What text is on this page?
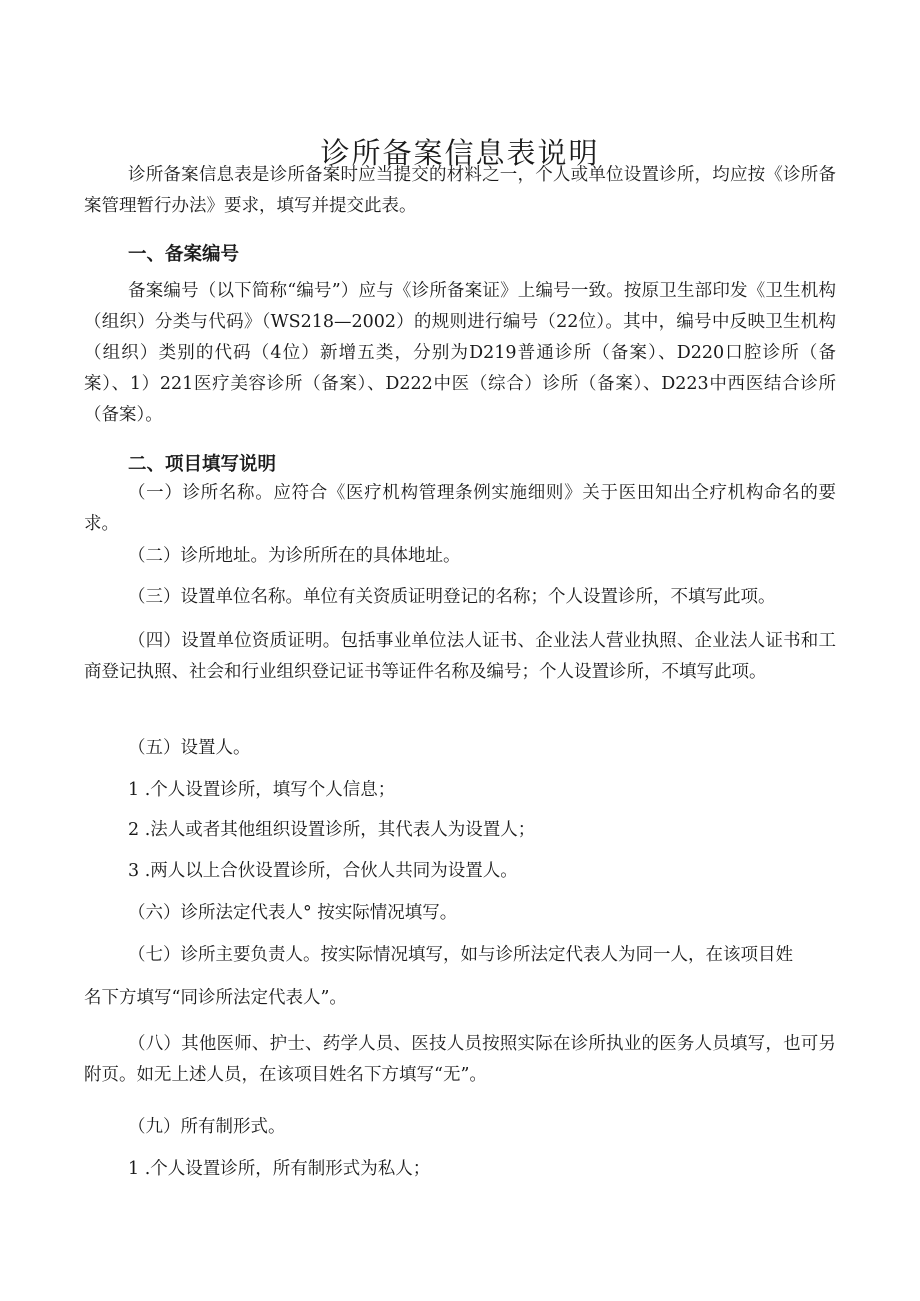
诊所备案信息表说明

诊所备案信息表是诊所备案时应当提交的材料之一，个人或单位设置诊所，均应按《诊所备案管理暂行办法》要求，填写并提交此表。

一、备案编号

备案编号（以下简称“编号”）应与《诊所备案证》上编号一致。按原卫生部印发《卫生机构（组织）分类与代码》（WS218—2002）的规则进行编号（22位）。其中，编号中反映卫生机构（组织）类别的代码（4位）新增五类，分别为D219普通诊所（备案）、D220口腔诊所（备案）、1）221医疗美容诊所（备案）、D222中医（综合）诊所（备案）、D223中西医结合诊所（备案）。

二、项目填写说明

（一）诊所名称。应符合《医疗机构管理条例实施细则》关于医田知出仝疗机构命名的要求。

（二）诊所地址。为诊所所在的具体地址。

（三）设置单位名称。单位有关资质证明登记的名称；个人设置诊所，不填写此项。

（四）设置单位资质证明。包括事业单位法人证书、企业法人营业执照、企业法人证书和工商登记执照、社会和行业组织登记证书等证件名称及编号；个人设置诊所，不填写此项。

（五）设置人。

1 .个人设置诊所，填写个人信息；

2 .法人或者其他组织设置诊所，其代表人为设置人；

3 .两人以上合伙设置诊所，合伙人共同为设置人。

（六）诊所法定代表人° 按实际情况填写。

（七）诊所主要负责人。按实际情况填写，如与诊所法定代表人为同一人，在该项目姓

名下方填写“同诊所法定代表人”。

（八）其他医师、护士、药学人员、医技人员按照实际在诊所执业的医务人员填写，也可另附页。如无上述人员，在该项目姓名下方填写“无”。

（九）所有制形式。

1 .个人设置诊所，所有制形式为私人；
